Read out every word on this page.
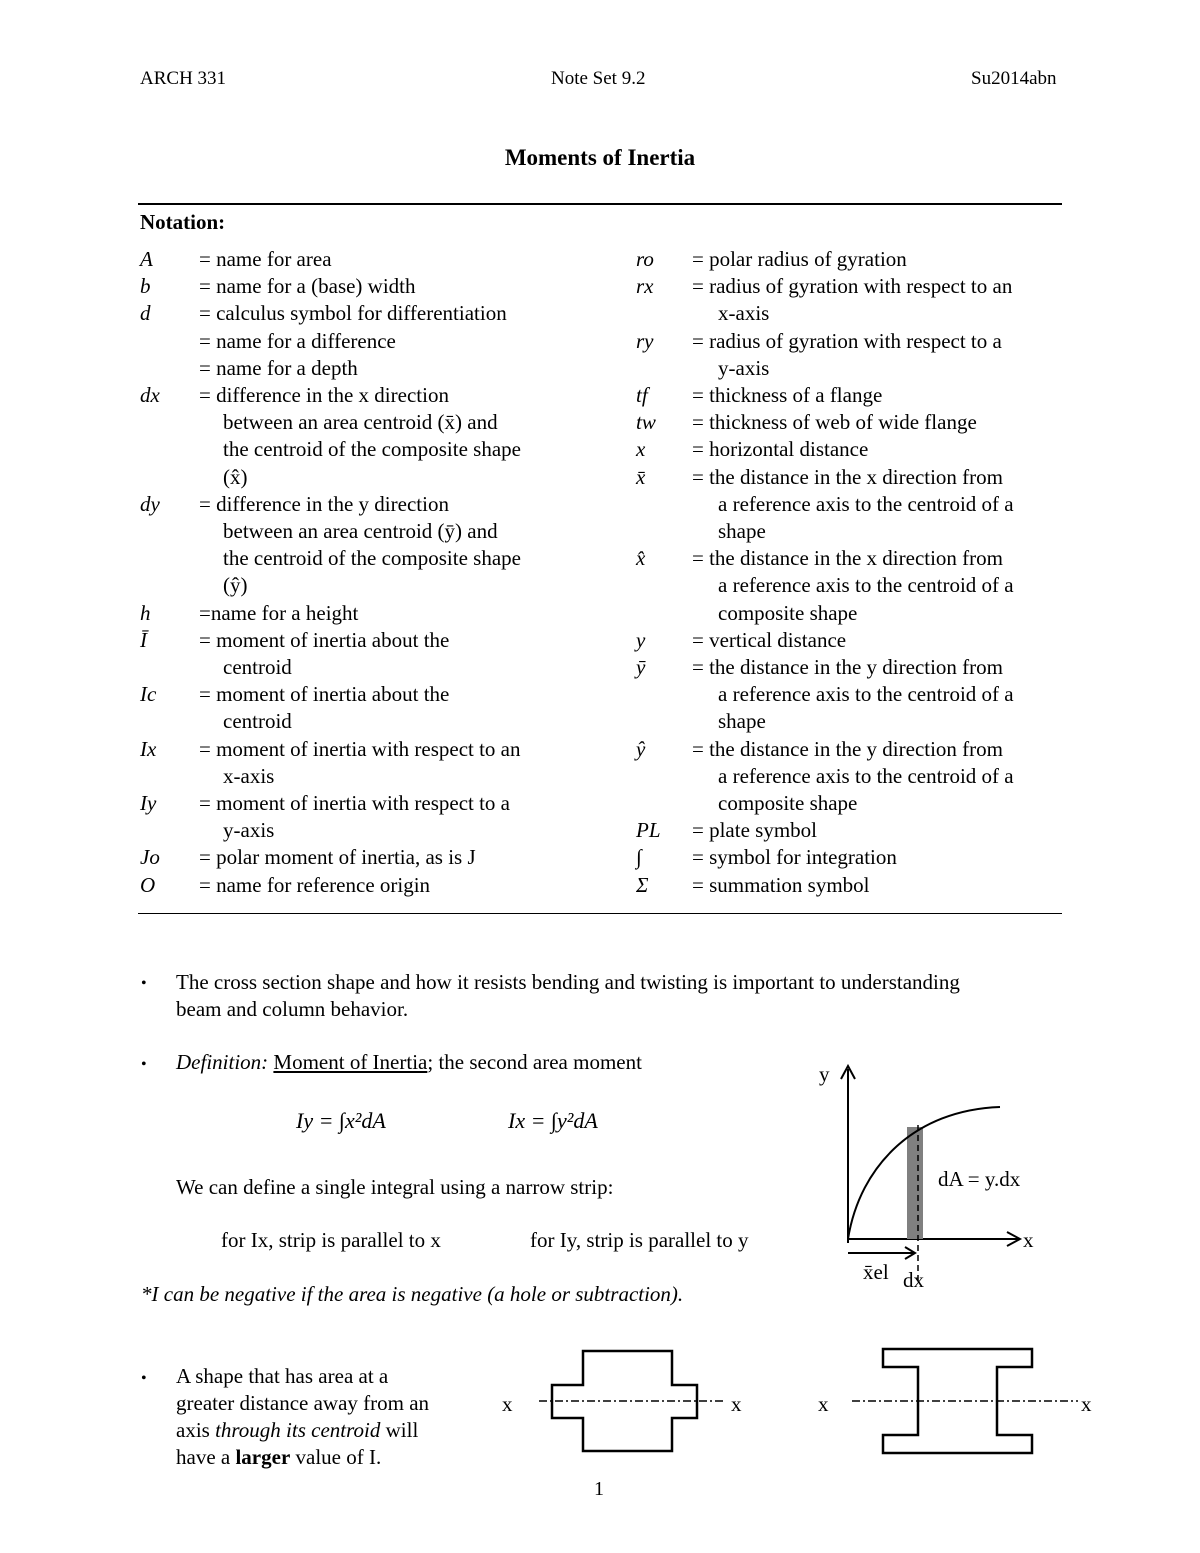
ARCH 331	Note Set 9.2	Su2014abn
Moments of Inertia
Notation:
A = name for area
b = name for a (base) width
d = calculus symbol for differentiation
= name for a difference
= name for a depth
dx = difference in the x direction
between an area centroid (x̄) and
the centroid of the composite shape
(x̂)
dy = difference in the y direction
between an area centroid (ȳ) and
the centroid of the composite shape
(ŷ)
h =name for a height
Ī = moment of inertia about the
centroid
Ic = moment of inertia about the
centroid
Ix = moment of inertia with respect to an
x-axis
Iy = moment of inertia with respect to a
y-axis
Jo = polar moment of inertia, as is J
O = name for reference origin
ro = polar radius of gyration
rx = radius of gyration with respect to an
x-axis
ry = radius of gyration with respect to a
y-axis
tf = thickness of a flange
tw = thickness of web of wide flange
x = horizontal distance
x̄ = the distance in the x direction from
a reference axis to the centroid of a
shape
x̂ = the distance in the x direction from
a reference axis to the centroid of a
composite shape
y = vertical distance
ȳ = the distance in the y direction from
a reference axis to the centroid of a
shape
ŷ = the distance in the y direction from
a reference axis to the centroid of a
composite shape
PL = plate symbol
∫ = symbol for integration
Σ = summation symbol
• The cross section shape and how it resists bending and twisting is important to understanding
beam and column behavior.
• Definition: Moment of Inertia; the second area moment
Iy = ∫x²dA	Ix = ∫y²dA
We can define a single integral using a narrow strip:
for Ix, strip is parallel to x	for Iy, strip is parallel to y
*I can be negative if the area is negative (a hole or subtraction).
y
x
dA = y.dx
x̄el dx
• A shape that has area at a
greater distance away from an
axis through its centroid will
have a larger value of I.
x	x	x	x
1
